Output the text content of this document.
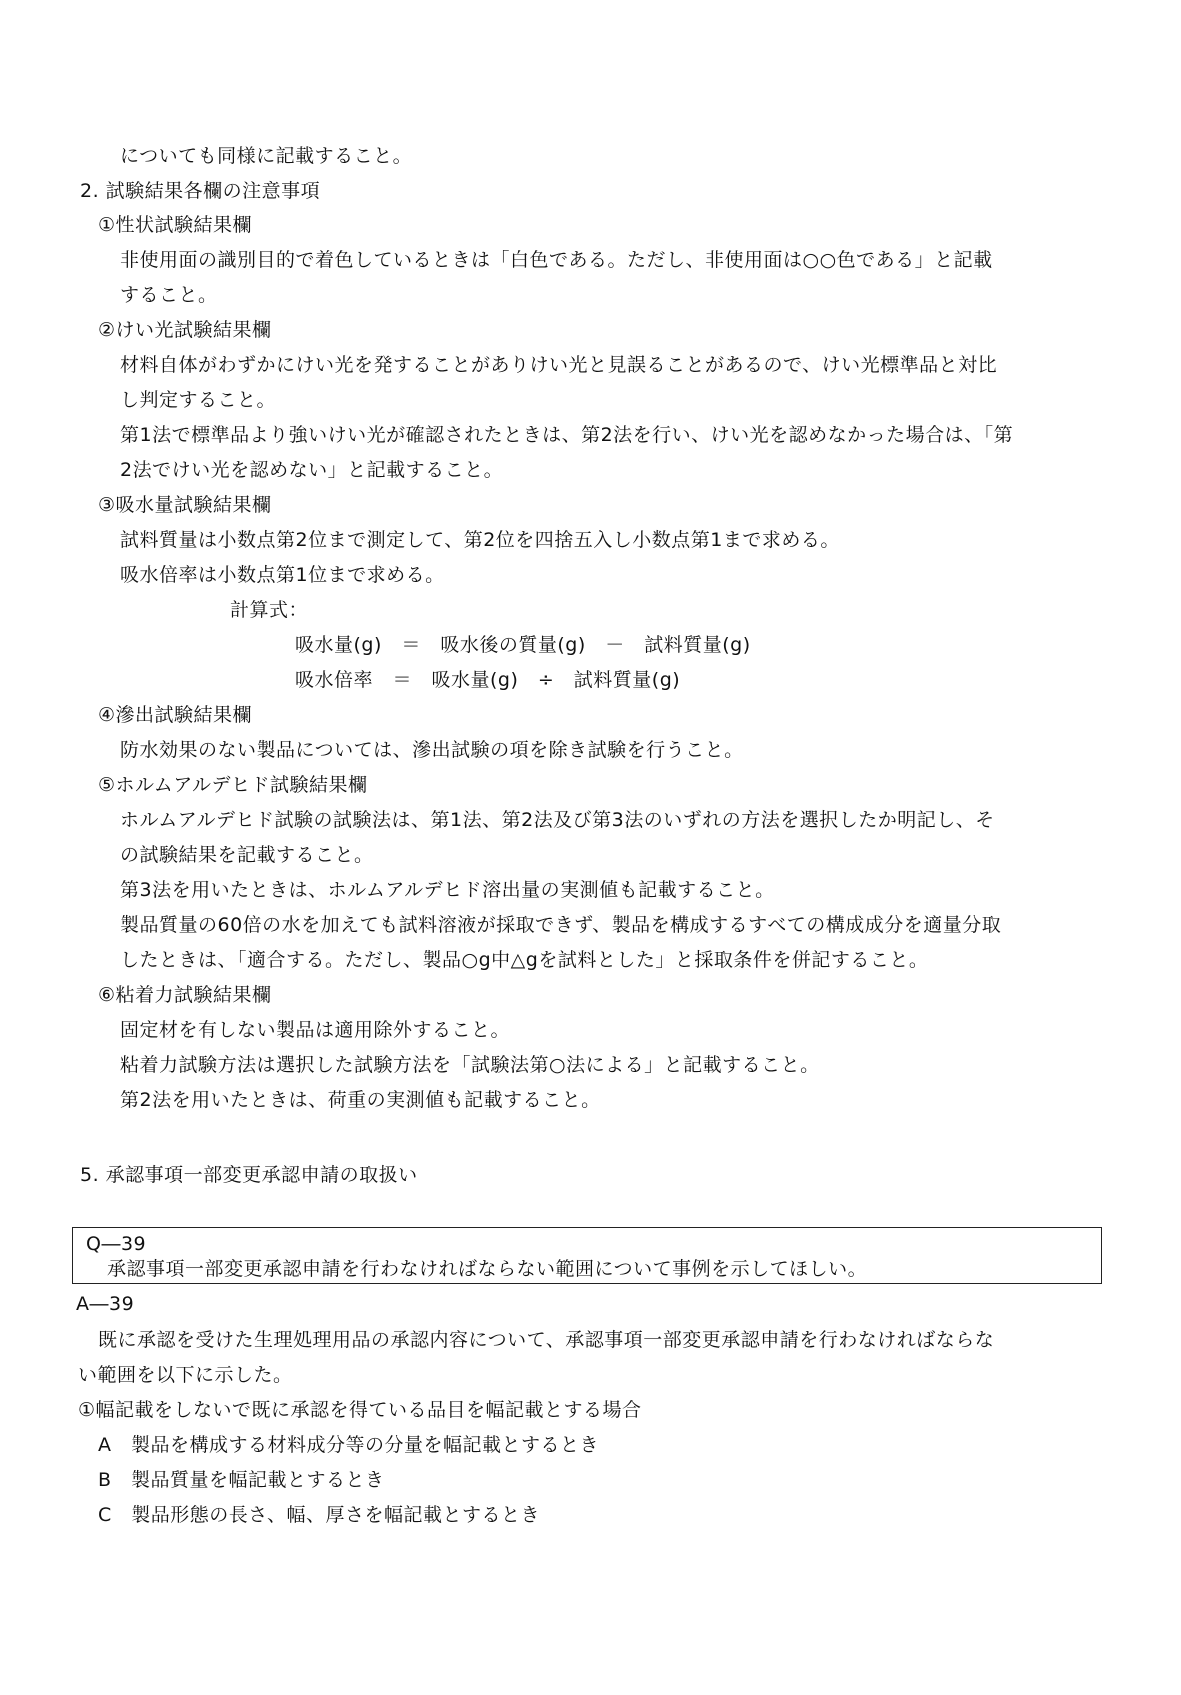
についても同様に記載すること。
2. 試験結果各欄の注意事項
①性状試験結果欄
非使用面の識別目的で着色しているときは「白色である。ただし、非使用面は○○色である」と記載
すること。
②けい光試験結果欄
材料自体がわずかにけい光を発することがありけい光と見誤ることがあるので、けい光標準品と対比
し判定すること。
第1法で標準品より強いけい光が確認されたときは、第2法を行い、けい光を認めなかった場合は、「第
2法でけい光を認めない」と記載すること。
③吸水量試験結果欄
試料質量は小数点第2位まで測定して、第2位を四捨五入し小数点第1まで求める。
吸水倍率は小数点第1位まで求める。
計算式：
吸水量(g)　＝　吸水後の質量(g)　－　試料質量(g)
吸水倍率　＝　吸水量(g)　÷　試料質量(g)
④滲出試験結果欄
防水効果のない製品については、滲出試験の項を除き試験を行うこと。
⑤ホルムアルデヒド試験結果欄
ホルムアルデヒド試験の試験法は、第1法、第2法及び第3法のいずれの方法を選択したか明記し、そ
の試験結果を記載すること。
第3法を用いたときは、ホルムアルデヒド溶出量の実測値も記載すること。
製品質量の60倍の水を加えても試料溶液が採取できず、製品を構成するすべての構成成分を適量分取
したときは、「適合する。ただし、製品○g中△gを試料とした」と採取条件を併記すること。
⑥粘着力試験結果欄
固定材を有しない製品は適用除外すること。
粘着力試験方法は選択した試験方法を「試験法第○法による」と記載すること。
第2法を用いたときは、荷重の実測値も記載すること。
5. 承認事項一部変更承認申請の取扱い
Q―39
承認事項一部変更承認申請を行わなければならない範囲について事例を示してほしい。
A―39
既に承認を受けた生理処理用品の承認内容について、承認事項一部変更承認申請を行わなければならな
い範囲を以下に示した。
①幅記載をしないで既に承認を得ている品目を幅記載とする場合
A　製品を構成する材料成分等の分量を幅記載とするとき
B　製品質量を幅記載とするとき
C　製品形態の長さ、幅、厚さを幅記載とするとき
